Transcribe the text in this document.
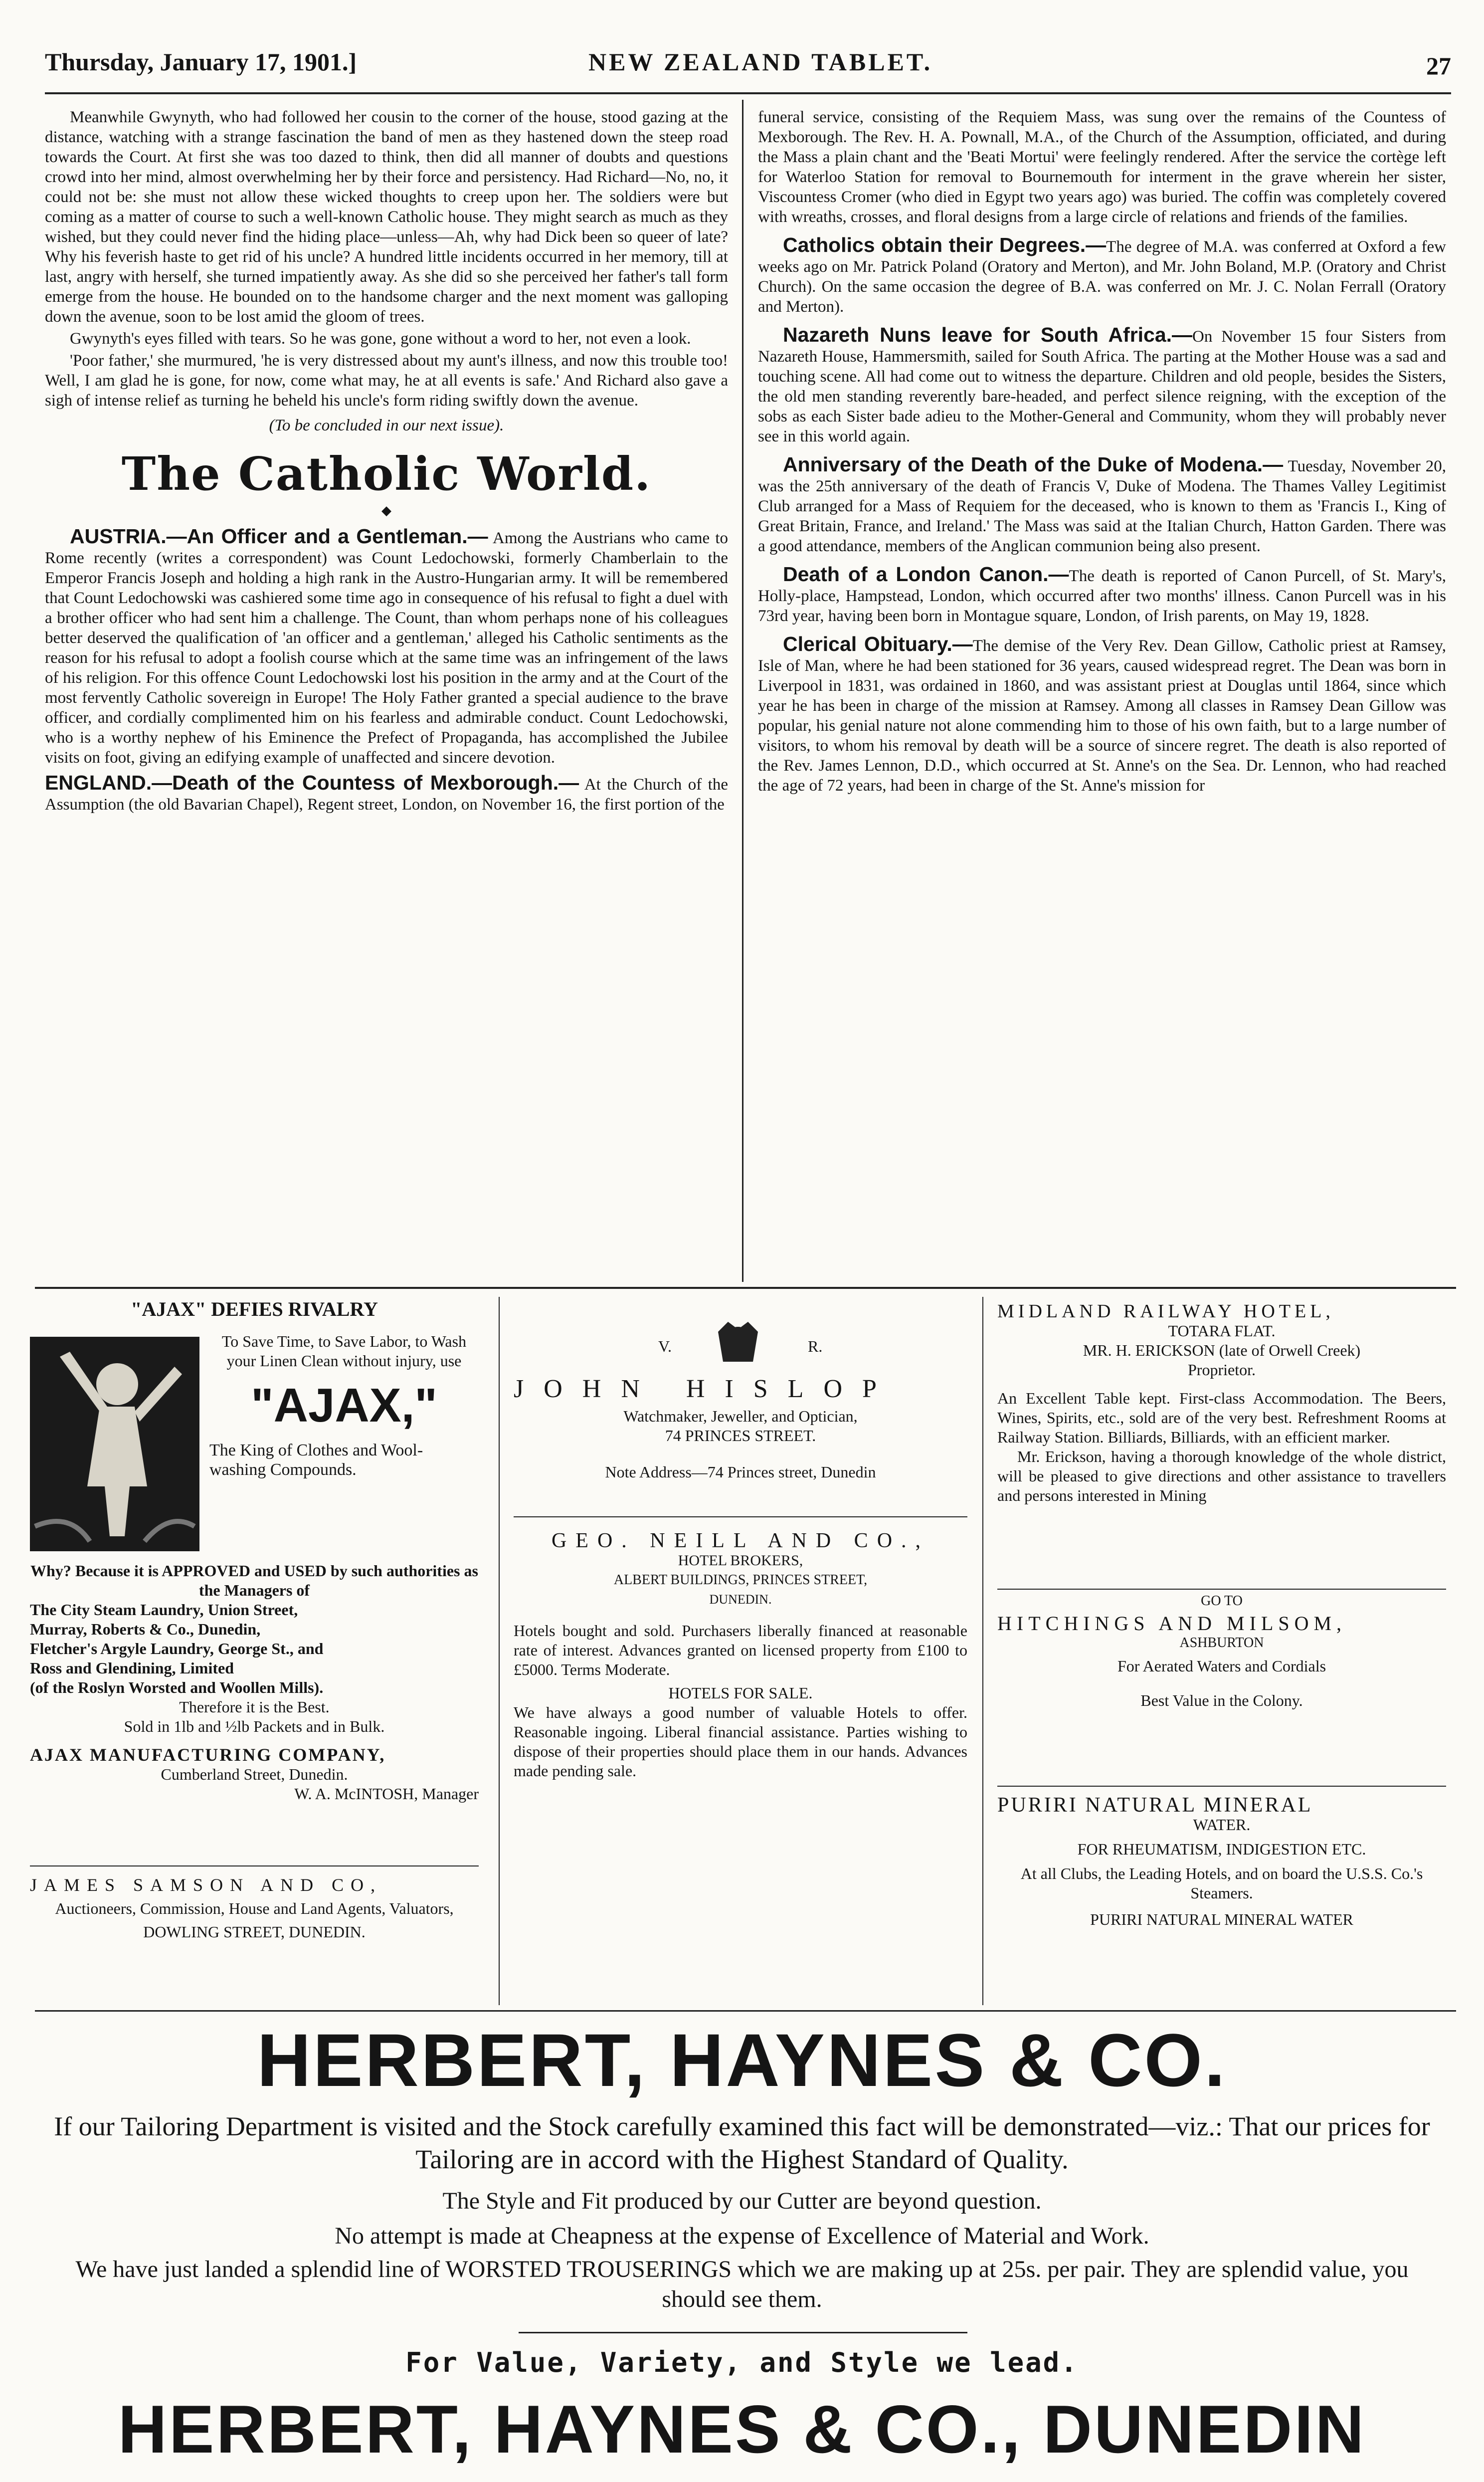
Thursday, January 17, 1901.]	NEW ZEALAND TABLET.	27

Meanwhile Gwynyth, who had followed her cousin to the corner of the house, stood gazing at the distance, watching with a strange fascination the band of men as they hastened down the steep road towards the Court. At first she was too dazed to think, then did all manner of doubts and questions crowd into her mind, almost overwhelming her by their force and persistency. Had Richard—No, no, it could not be: she must not allow these wicked thoughts to creep upon her. The soldiers were but coming as a matter of course to such a well-known Catholic house. They might search as much as they wished, but they could never find the hiding place—unless—Ah, why had Dick been so queer of late? Why his feverish haste to get rid of his uncle? A hundred little incidents occurred in her memory, till at last, angry with herself, she turned impatiently away. As she did so she perceived her father's tall form emerge from the house. He bounded on to the handsome charger and the next moment was galloping down the avenue, soon to be lost amid the gloom of trees.

Gwynyth's eyes filled with tears. So he was gone, gone without a word to her, not even a look.

'Poor father,' she murmured, 'he is very distressed about my aunt's illness, and now this trouble too! Well, I am glad he is gone, for now, come what may, he at all events is safe.' And Richard also gave a sigh of intense relief as turning he beheld his uncle's form riding swiftly down the avenue.

(To be concluded in our next issue).

The Catholic World.
◆

AUSTRIA.—An Officer and a Gentleman.— Among the Austrians who came to Rome recently (writes a correspondent) was Count Ledochowski, formerly Chamberlain to the Emperor Francis Joseph and holding a high rank in the Austro-Hungarian army. It will be remembered that Count Ledochowski was cashiered some time ago in consequence of his refusal to fight a duel with a brother officer who had sent him a challenge. The Count, than whom perhaps none of his colleagues better deserved the qualification of 'an officer and a gentleman,' alleged his Catholic sentiments as the reason for his refusal to adopt a foolish course which at the same time was an infringement of the laws of his religion. For this offence Count Ledochowski lost his position in the army and at the Court of the most fervently Catholic sovereign in Europe! The Holy Father granted a special audience to the brave officer, and cordially complimented him on his fearless and admirable conduct. Count Ledochowski, who is a worthy nephew of his Eminence the Prefect of Propaganda, has accomplished the Jubilee visits on foot, giving an edifying example of unaffected and sincere devotion.

ENGLAND.—Death of the Countess of Mexborough.— At the Church of the Assumption (the old Bavarian Chapel), Regent street, London, on November 16, the first portion of the

funeral service, consisting of the Requiem Mass, was sung over the remains of the Countess of Mexborough. The Rev. H. A. Pownall, M.A., of the Church of the Assumption, officiated, and during the Mass a plain chant and the 'Beati Mortui' were feelingly rendered. After the service the cortège left for Waterloo Station for removal to Bournemouth for interment in the grave wherein her sister, Viscountess Cromer (who died in Egypt two years ago) was buried. The coffin was completely covered with wreaths, crosses, and floral designs from a large circle of relations and friends of the families.

Catholics obtain their Degrees.—The degree of M.A. was conferred at Oxford a few weeks ago on Mr. Patrick Poland (Oratory and Merton), and Mr. John Boland, M.P. (Oratory and Christ Church). On the same occasion the degree of B.A. was conferred on Mr. J. C. Nolan Ferrall (Oratory and Merton).

Nazareth Nuns leave for South Africa.—On November 15 four Sisters from Nazareth House, Hammersmith, sailed for South Africa. The parting at the Mother House was a sad and touching scene. All had come out to witness the departure. Children and old people, besides the Sisters, the old men standing reverently bare-headed, and perfect silence reigning, with the exception of the sobs as each Sister bade adieu to the Mother-General and Community, whom they will probably never see in this world again.

Anniversary of the Death of the Duke of Modena.— Tuesday, November 20, was the 25th anniversary of the death of Francis V, Duke of Modena. The Thames Valley Legitimist Club arranged for a Mass of Requiem for the deceased, who is known to them as 'Francis I., King of Great Britain, France, and Ireland.' The Mass was said at the Italian Church, Hatton Garden. There was a good attendance, members of the Anglican communion being also present.

Death of a London Canon.—The death is reported of Canon Purcell, of St. Mary's, Holly-place, Hampstead, London, which occurred after two months' illness. Canon Purcell was in his 73rd year, having been born in Montague square, London, of Irish parents, on May 19, 1828.

Clerical Obituary.—The demise of the Very Rev. Dean Gillow, Catholic priest at Ramsey, Isle of Man, where he had been stationed for 36 years, caused widespread regret. The Dean was born in Liverpool in 1831, was ordained in 1860, and was assistant priest at Douglas until 1864, since which year he has been in charge of the mission at Ramsey. Among all classes in Ramsey Dean Gillow was popular, his genial nature not alone commending him to those of his own faith, but to a large number of visitors, to whom his removal by death will be a source of sincere regret. The death is also reported of the Rev. James Lennon, D.D., which occurred at St. Anne's on the Sea. Dr. Lennon, who had reached the age of 72 years, had been in charge of the St. Anne's mission for

"AJAX" DEFIES RIVALRY

To Save Time, to Save Labor, to Wash your Linen Clean without injury, use

"AJAX,"

The King of Clothes and Wool-washing Compounds.

Why? Because it is APPROVED and USED by such authorities as the Managers of

The City Steam Laundry, Union Street,

Murray, Roberts & Co., Dunedin,

Fletcher's Argyle Laundry, George St., and

Ross and Glendining, Limited

(of the Roslyn Worsted and Woollen Mills).

Therefore it is the Best.

Sold in 1lb and ½lb Packets and in Bulk.

AJAX MANUFACTURING COMPANY,

Cumberland Street, Dunedin.

W. A. McINTOSH, Manager

JAMES SAMSON AND CO,

Auctioneers, Commission, House and Land Agents, Valuators,

DOWLING STREET, DUNEDIN.

V.	R.

JOHN HISLOP

Watchmaker, Jeweller, and Optician,

74 PRINCES STREET.

Note Address—74 Princes street, Dunedin

GEO. NEILL AND CO.,

HOTEL BROKERS,

ALBERT BUILDINGS, PRINCES STREET,

DUNEDIN.

Hotels bought and sold. Purchasers liberally financed at reasonable rate of interest. Advances granted on licensed property from £100 to £5000. Terms Moderate.

HOTELS FOR SALE.

We have always a good number of valuable Hotels to offer. Reasonable ingoing. Liberal financial assistance. Parties wishing to dispose of their properties should place them in our hands. Advances made pending sale.

MIDLAND RAILWAY HOTEL,

TOTARA FLAT.

MR. H. ERICKSON (late of Orwell Creek)

Proprietor.

An Excellent Table kept. First-class Accommodation. The Beers, Wines, Spirits, etc., sold are of the very best. Refreshment Rooms at Railway Station. Billiards, Billiards, with an efficient marker.

Mr. Erickson, having a thorough knowledge of the whole district, will be pleased to give directions and other assistance to travellers and persons interested in Mining

GO TO

HITCHINGS AND MILSOM,

ASHBURTON

For Aerated Waters and Cordials

Best Value in the Colony.

PURIRI NATURAL MINERAL

WATER.

FOR RHEUMATISM, INDIGESTION ETC.

At all Clubs, the Leading Hotels, and on board the U.S.S. Co.'s Steamers.

PURIRI NATURAL MINERAL WATER

HERBERT, HAYNES & CO.
If our Tailoring Department is visited and the Stock carefully examined this fact will be demonstrated—viz.: That our prices for Tailoring are in accord with the Highest Standard of Quality.
The Style and Fit produced by our Cutter are beyond question.
No attempt is made at Cheapness at the expense of Excellence of Material and Work.
We have just landed a splendid line of WORSTED TROUSERINGS which we are making up at 25s. per pair. They are splendid value, you should see them.
For Value, Variety, and Style we lead.
HERBERT, HAYNES & CO., DUNEDIN
